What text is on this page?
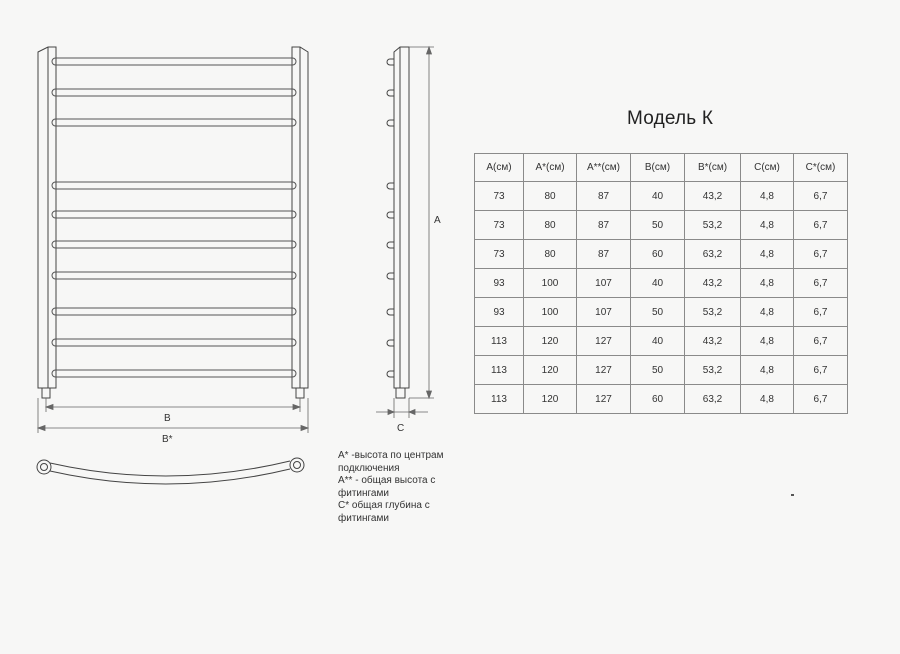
B
B*
A
C
A* -высота по центрам подключения
A** - общая высота с фитингами
C* общая глубина с фитингами
Модель К
A(см)	A*(см)	A**(см)	B(см)	B*(см)	C(см)	C*(см)
73	80	87	40	43,2	4,8	6,7
73	80	87	50	53,2	4,8	6,7
73	80	87	60	63,2	4,8	6,7
93	100	107	40	43,2	4,8	6,7
93	100	107	50	53,2	4,8	6,7
113	120	127	40	43,2	4,8	6,7
113	120	127	50	53,2	4,8	6,7
113	120	127	60	63,2	4,8	6,7
